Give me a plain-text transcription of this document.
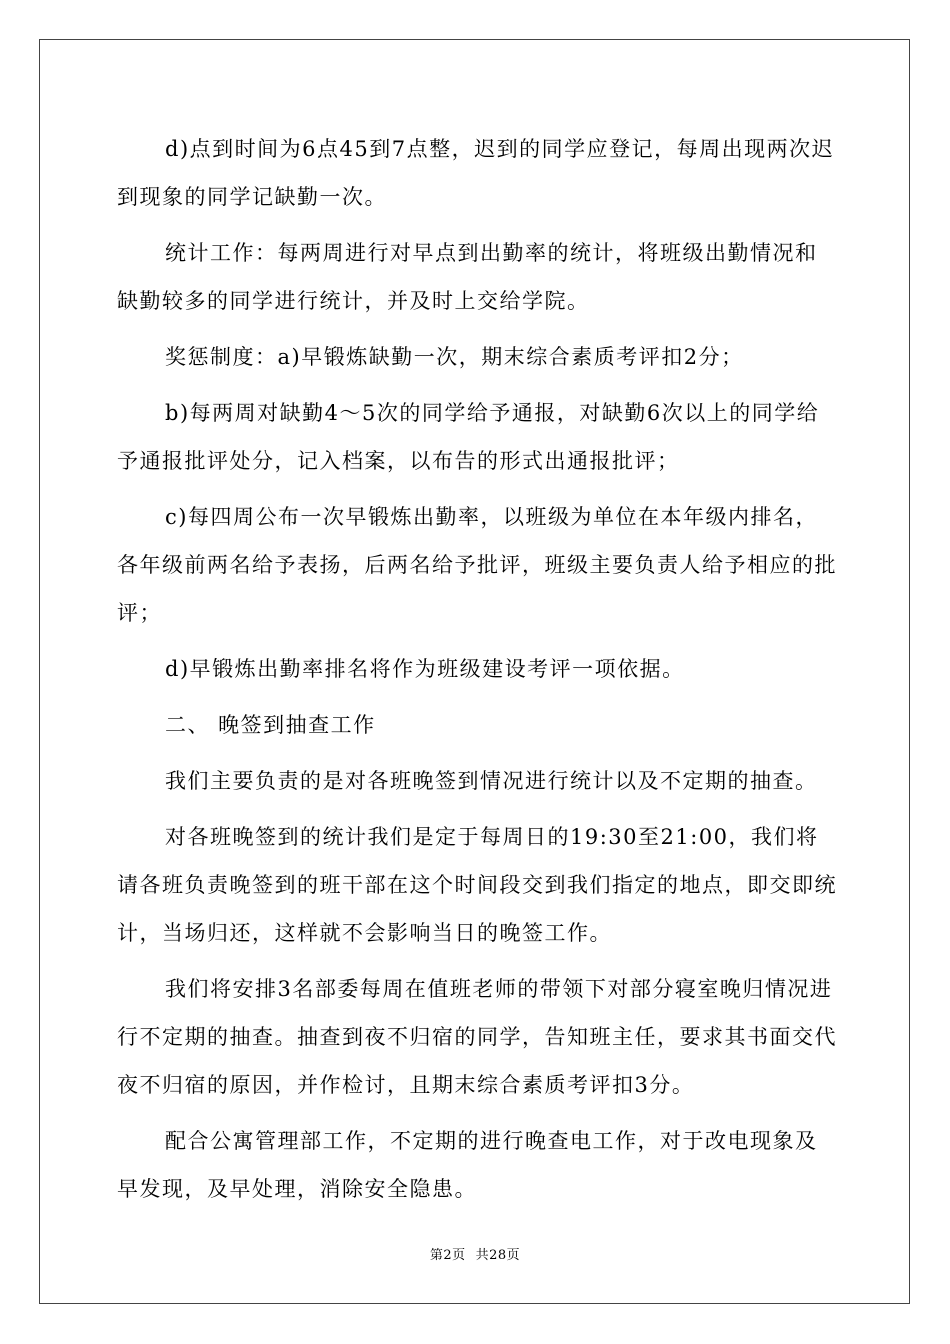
d)点到时间为6点45到7点整，迟到的同学应登记，每周出现两次迟到现象的同学记缺勤一次。

统计工作：每两周进行对早点到出勤率的统计，将班级出勤情况和缺勤较多的同学进行统计，并及时上交给学院。

奖惩制度：a)早锻炼缺勤一次，期末综合素质考评扣2分；

b)每两周对缺勤4～5次的同学给予通报，对缺勤6次以上的同学给予通报批评处分，记入档案，以布告的形式出通报批评；

c)每四周公布一次早锻炼出勤率，以班级为单位在本年级内排名，各年级前两名给予表扬，后两名给予批评，班级主要负责人给予相应的批评；

d)早锻炼出勤率排名将作为班级建设考评一项依据。

二、 晚签到抽查工作

我们主要负责的是对各班晚签到情况进行统计以及不定期的抽查。

对各班晚签到的统计我们是定于每周日的19:30至21:00，我们将请各班负责晚签到的班干部在这个时间段交到我们指定的地点，即交即统计，当场归还，这样就不会影响当日的晚签工作。

我们将安排3名部委每周在值班老师的带领下对部分寝室晚归情况进行不定期的抽查。抽查到夜不归宿的同学，告知班主任，要求其书面交代夜不归宿的原因，并作检讨，且期末综合素质考评扣3分。

配合公寓管理部工作，不定期的进行晚查电工作，对于改电现象及早发现，及早处理，消除安全隐患。

第2页 共28页
